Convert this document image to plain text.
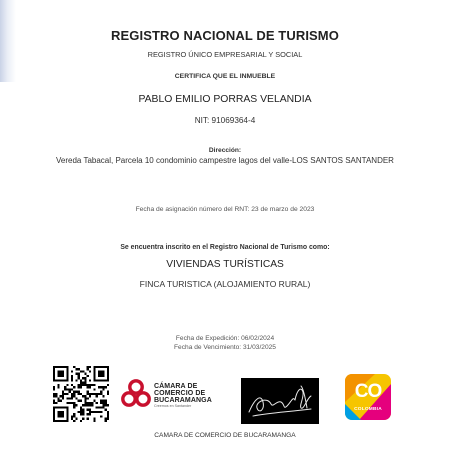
REGISTRO NACIONAL DE TURISMO
REGISTRO ÚNICO EMPRESARIAL Y SOCIAL
CERTIFICA QUE EL INMUEBLE
PABLO EMILIO PORRAS VELANDIA
NIT: 91069364-4
Dirección:
Vereda Tabacal, Parcela 10 condominio campestre lagos del valle-LOS SANTOS SANTANDER
Fecha de asignación número del RNT: 23 de marzo de 2023
Se encuentra inscrito en el Registro Nacional de Turismo como:
VIVIENDAS TURÍSTICAS
FINCA TURISTICA (ALOJAMIENTO RURAL)
Fecha de Expedición: 06/02/2024
Fecha de Vencimiento: 31/03/2025
CÁMARA DE
COMERCIO DE
BUCARAMANGA
Creemos en Santander
CO
COLOMBIA
CAMARA DE COMERCIO DE BUCARAMANGA
